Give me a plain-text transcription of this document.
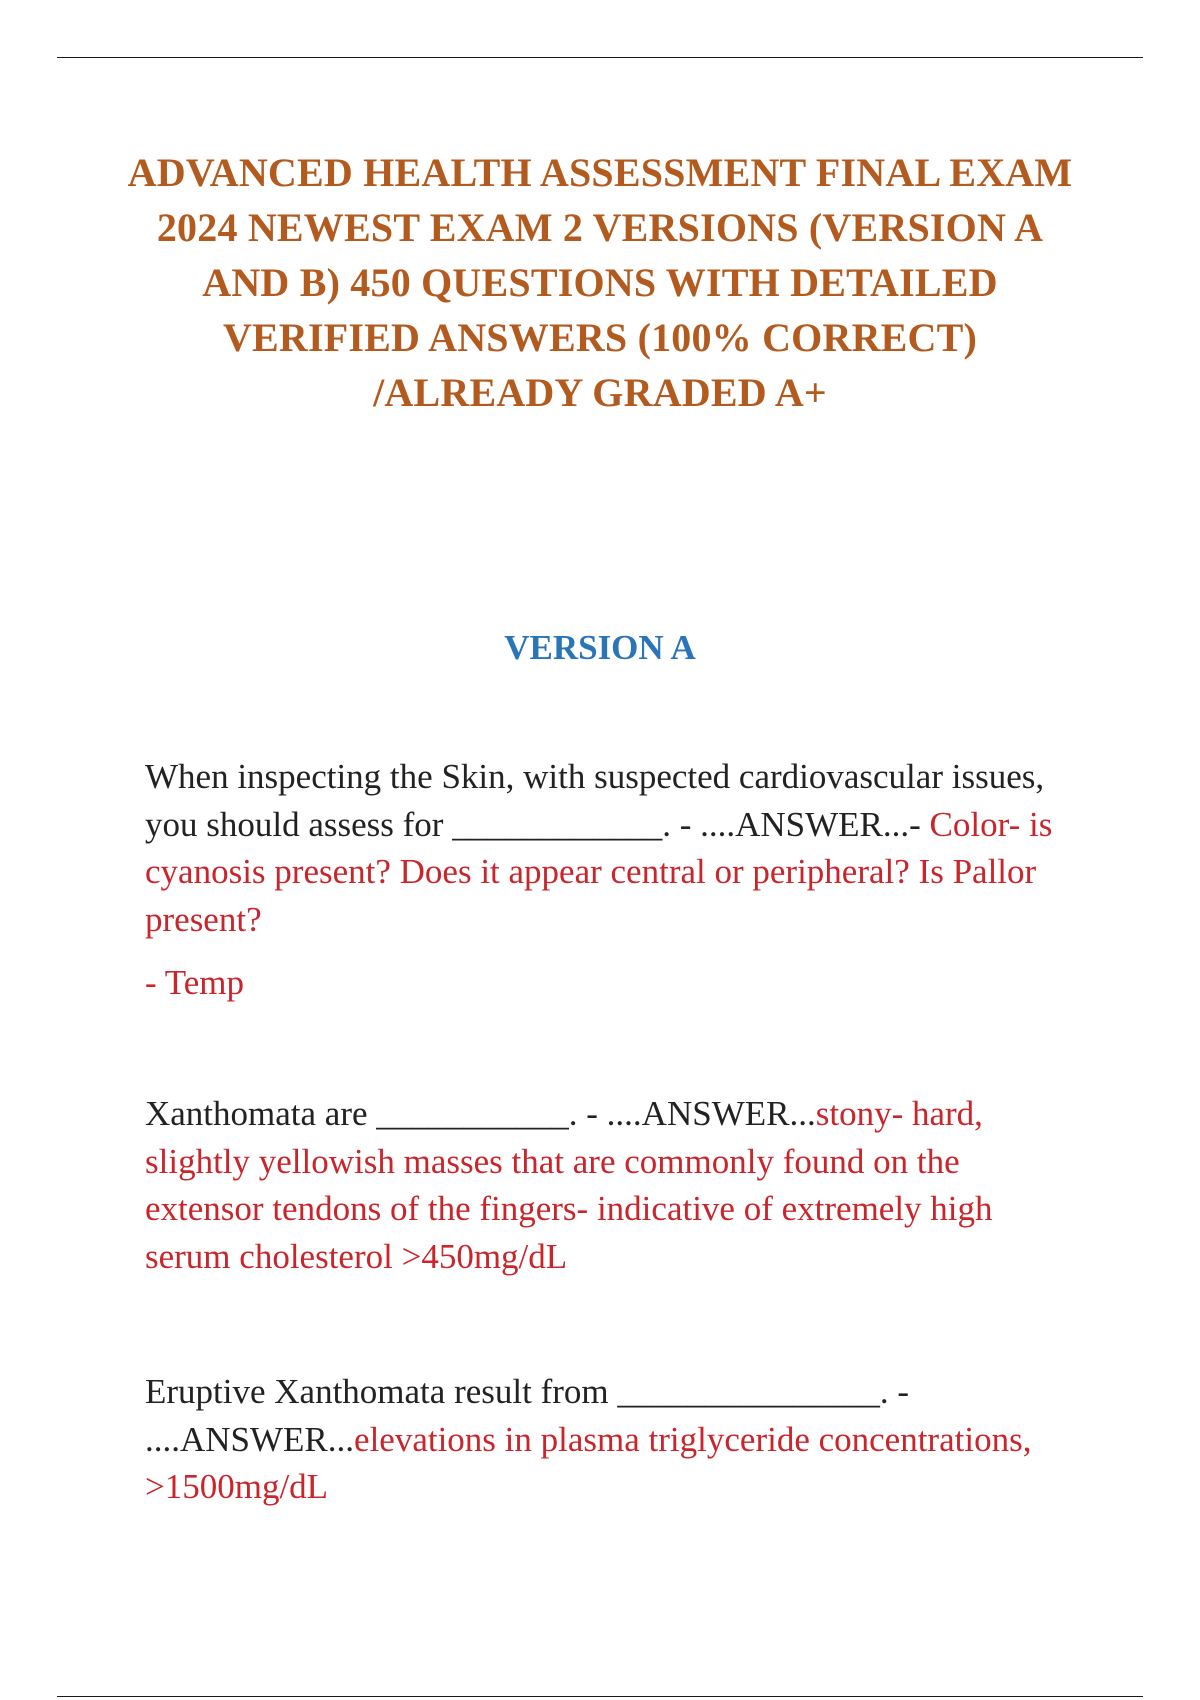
ADVANCED HEALTH ASSESSMENT FINAL EXAM 2024 NEWEST EXAM 2 VERSIONS (VERSION A AND B) 450 QUESTIONS WITH DETAILED VERIFIED ANSWERS (100% CORRECT) /ALREADY GRADED A+
VERSION A

When inspecting the Skin, with suspected cardiovascular issues, you should assess for ____________. - ....ANSWER...- Color- is cyanosis present? Does it appear central or peripheral? Is Pallor present?
- Temp

Xanthomata are ___________. - ....ANSWER...stony- hard, slightly yellowish masses that are commonly found on the extensor tendons of the fingers- indicative of extremely high serum cholesterol >450mg/dL

Eruptive Xanthomata result from _______________. - ....ANSWER...elevations in plasma triglyceride concentrations, >1500mg/dL
